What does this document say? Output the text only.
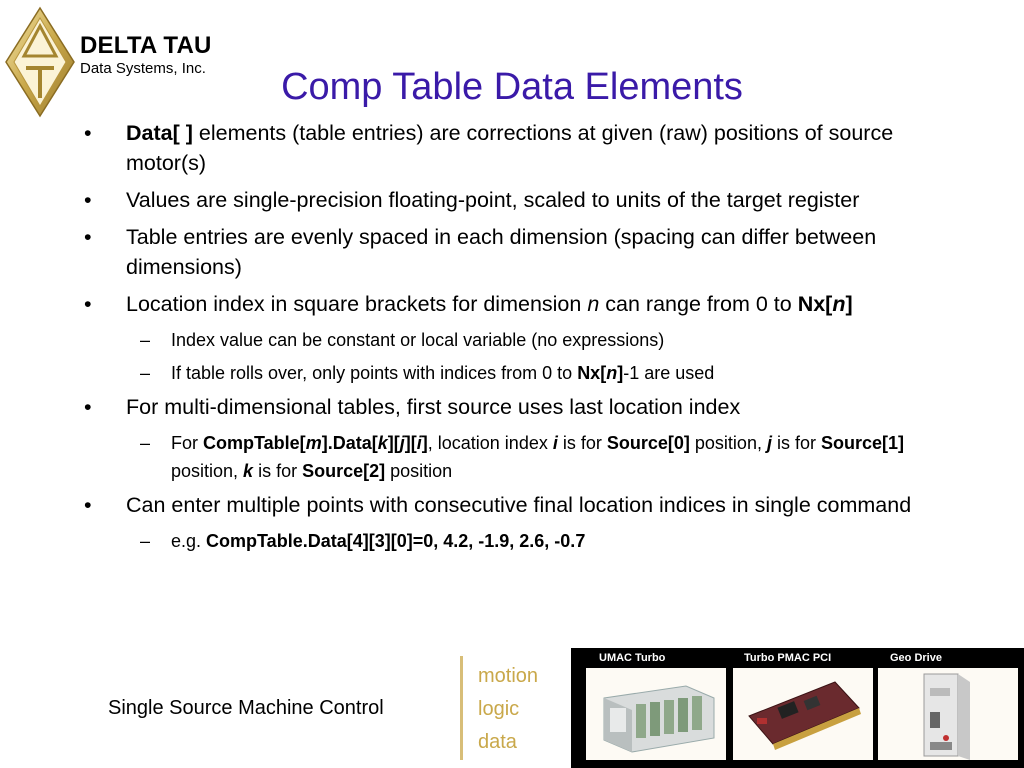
DELTA TAU
Data Systems, Inc.	Comp Table Data Elements
• Data[ ] elements (table entries) are corrections at given (raw) positions of source motor(s)
• Values are single-precision floating-point, scaled to units of the target register
• Table entries are evenly spaced in each dimension (spacing can differ between dimensions)
• Location index in square brackets for dimension n can range from 0 to Nx[n]
– Index value can be constant or local variable (no expressions)
– If table rolls over, only points with indices from 0 to Nx[n]-1 are used
• For multi-dimensional tables, first source uses last location index
– For CompTable[m].Data[k][j][i], location index i is for Source[0] position, j is for Source[1] position, k is for Source[2] position
• Can enter multiple points with consecutive final location indices in single command
– e.g. CompTable.Data[4][3][0]=0, 4.2, -1.9, 2.6, -0.7
Single Source Machine Control
motion
logic
data
UMAC Turbo	Turbo PMAC PCI	Geo Drive
